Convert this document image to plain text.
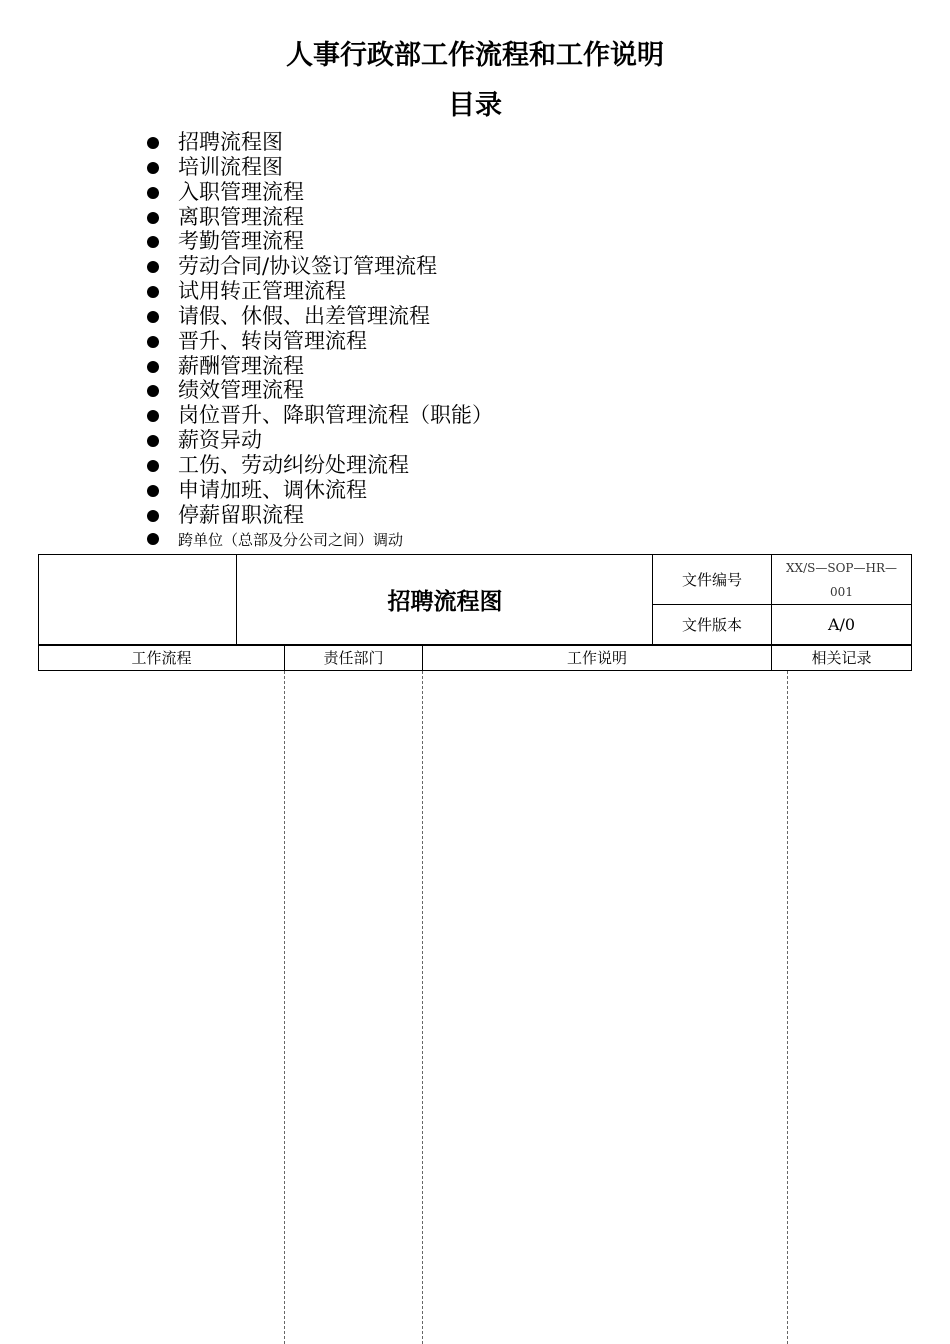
人事行政部工作流程和工作说明
目录
招聘流程图
培训流程图
入职管理流程
离职管理流程
考勤管理流程
劳动合同/协议签订管理流程
试用转正管理流程
请假、休假、出差管理流程
晋升、转岗管理流程
薪酬管理流程
绩效管理流程
岗位晋升、降职管理流程（职能）
薪资异动
工伤、劳动纠纷处理流程
申请加班、调休流程
停薪留职流程
跨单位（总部及分公司之间）调动
招聘流程图
文件编号
XX/S—SOP—HR—001
文件版本	A/0
工作流程	责任部门	工作说明	相关记录
